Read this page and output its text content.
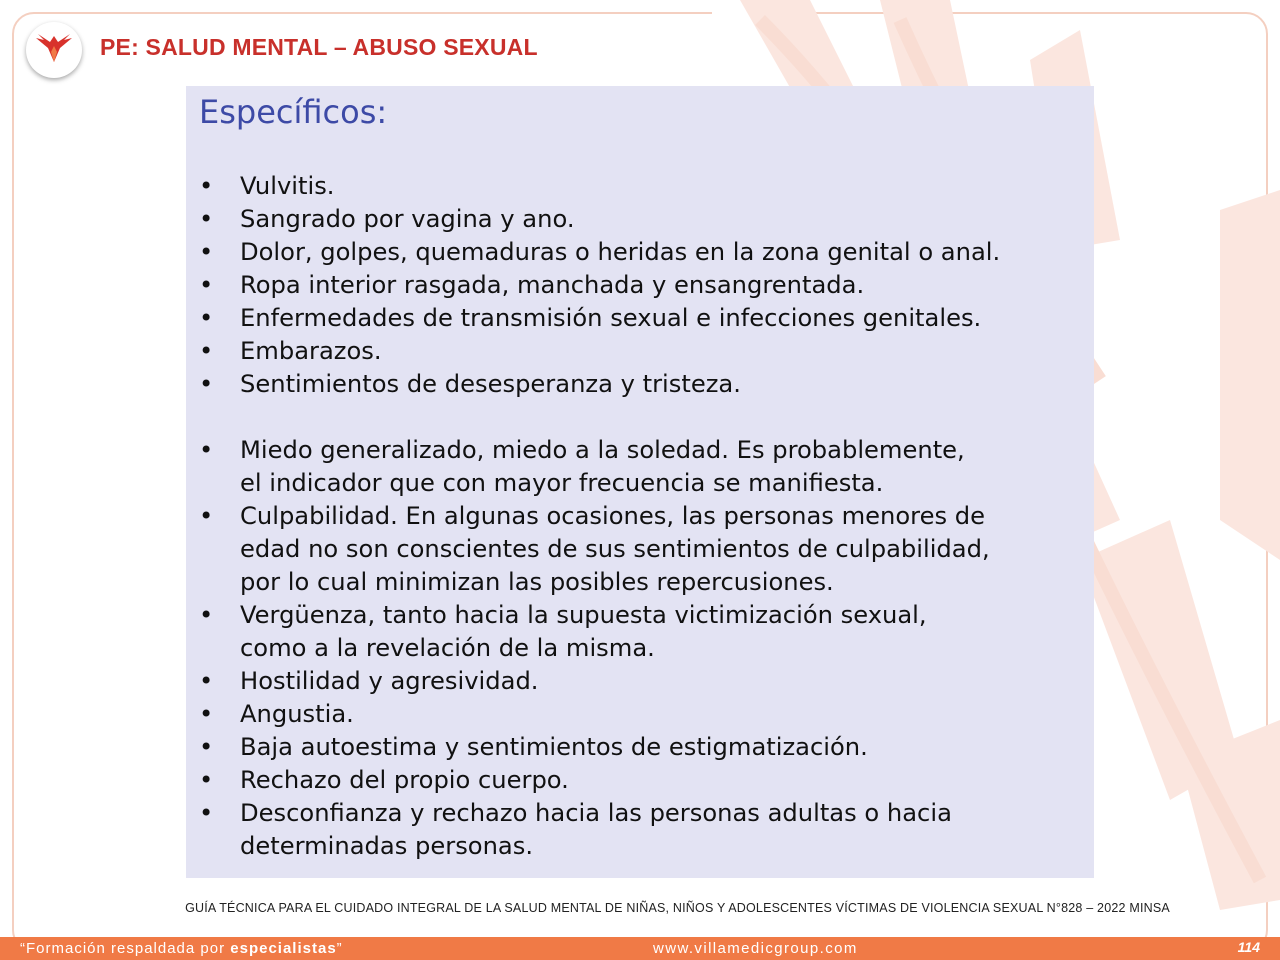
PE: SALUD MENTAL – ABUSO SEXUAL
Específicos:
• Vulvitis.
• Sangrado por vagina y ano.
• Dolor, golpes, quemaduras o heridas en la zona genital o anal.
• Ropa interior rasgada, manchada y ensangrentada.
• Enfermedades de transmisión sexual e infecciones genitales.
• Embarazos.
• Sentimientos de desesperanza y tristeza.
• Miedo generalizado, miedo a la soledad. Es probablemente,
el indicador que con mayor frecuencia se manifiesta.
• Culpabilidad. En algunas ocasiones, las personas menores de
edad no son conscientes de sus sentimientos de culpabilidad,
por lo cual minimizan las posibles repercusiones.
• Vergüenza, tanto hacia la supuesta victimización sexual,
como a la revelación de la misma.
• Hostilidad y agresividad.
• Angustia.
• Baja autoestima y sentimientos de estigmatización.
• Rechazo del propio cuerpo.
• Desconfianza y rechazo hacia las personas adultas o hacia
determinadas personas.
GUÍA TÉCNICA PARA EL CUIDADO INTEGRAL DE LA SALUD MENTAL DE NIÑAS, NIÑOS Y ADOLESCENTES VÍCTIMAS DE VIOLENCIA SEXUAL N°828 – 2022 MINSA
“Formación respaldada por especialistas”	www.villamedicgroup.com	114
